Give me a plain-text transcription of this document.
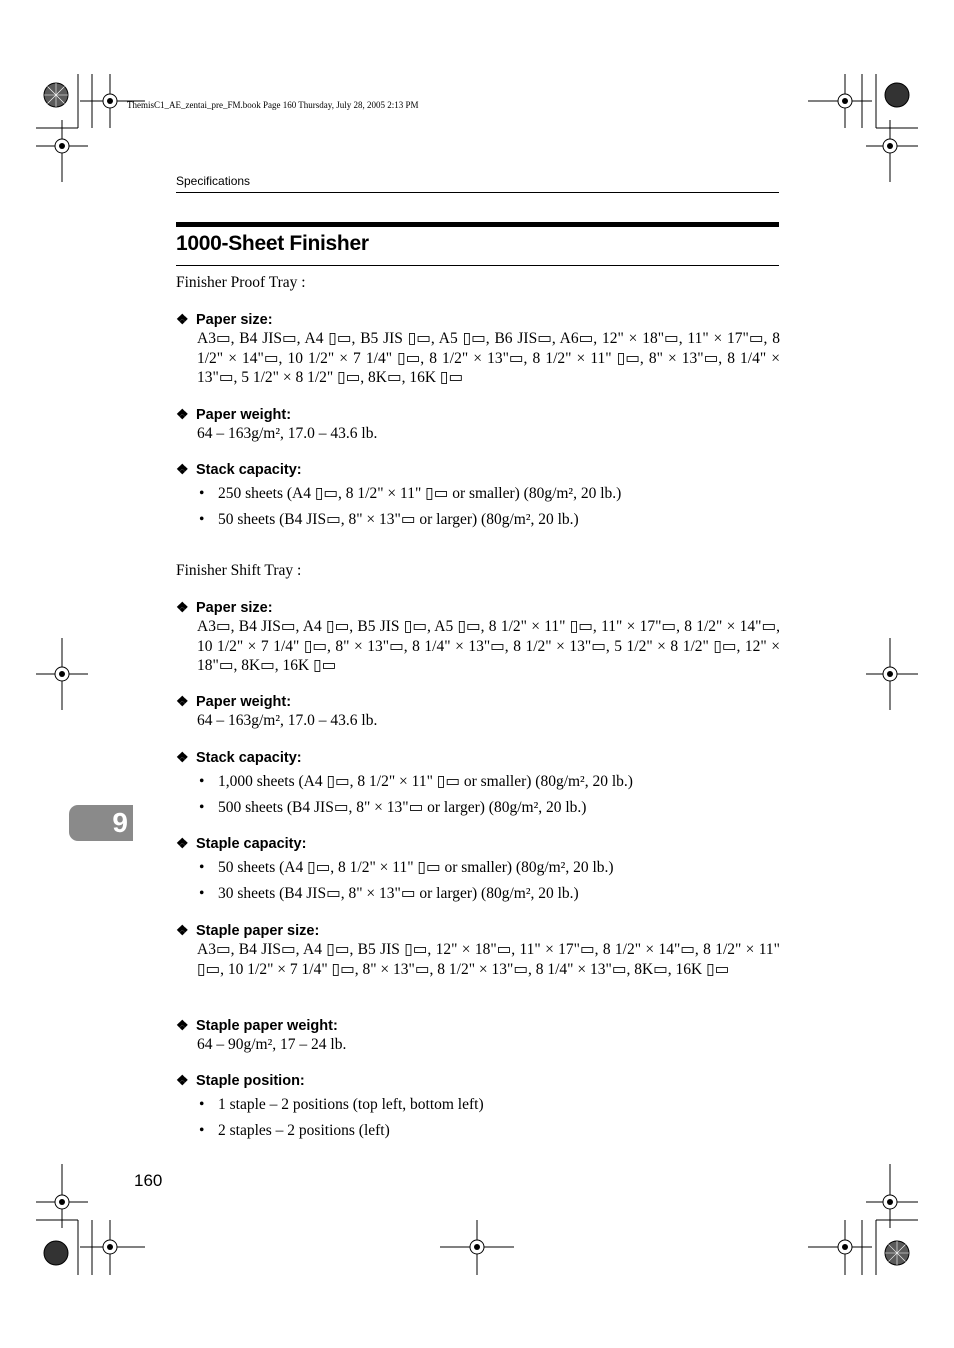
ThemisC1_AE_zentai_pre_FM.book Page 160 Thursday, July 28, 2005 2:13 PM
Specifications
1000-Sheet Finisher
Finisher Proof Tray :
❖ Paper size:
A3▭, B4 JIS▭, A4 ▯▭, B5 JIS ▯▭, A5 ▯▭, B6 JIS▭, A6▭, 12" × 18"▭, 11" × 17"▭, 8 1/2" × 14"▭, 10 1/2" × 7 1/4" ▯▭, 8 1/2" × 13"▭, 8 1/2" × 11" ▯▭, 8" × 13"▭, 8 1/4" × 13"▭, 5 1/2" × 8 1/2" ▯▭, 8K▭, 16K ▯▭
❖ Paper weight:
64 – 163g/m², 17.0 – 43.6 lb.
❖ Stack capacity:
• 250 sheets (A4 ▯▭, 8 1/2" × 11" ▯▭ or smaller) (80g/m², 20 lb.)
• 50 sheets (B4 JIS▭, 8" × 13"▭ or larger) (80g/m², 20 lb.)
Finisher Shift Tray :
❖ Paper size:
A3▭, B4 JIS▭, A4 ▯▭, B5 JIS ▯▭, A5 ▯▭, 8 1/2" × 11" ▯▭, 11" × 17"▭, 8 1/2" × 14"▭, 10 1/2" × 7 1/4" ▯▭, 8" × 13"▭, 8 1/4" × 13"▭, 8 1/2" × 13"▭, 5 1/2" × 8 1/2" ▯▭, 12" × 18"▭, 8K▭, 16K ▯▭
❖ Paper weight:
64 – 163g/m², 17.0 – 43.6 lb.
❖ Stack capacity:
• 1,000 sheets (A4 ▯▭, 8 1/2" × 11" ▯▭ or smaller) (80g/m², 20 lb.)
• 500 sheets (B4 JIS▭, 8" × 13"▭ or larger) (80g/m², 20 lb.)
9
❖ Staple capacity:
• 50 sheets (A4 ▯▭, 8 1/2" × 11" ▯▭ or smaller) (80g/m², 20 lb.)
• 30 sheets (B4 JIS▭, 8" × 13"▭ or larger) (80g/m², 20 lb.)
❖ Staple paper size:
A3▭, B4 JIS▭, A4 ▯▭, B5 JIS ▯▭, 12" × 18"▭, 11" × 17"▭, 8 1/2" × 14"▭, 8 1/2" × 11" ▯▭, 10 1/2" × 7 1/4" ▯▭, 8" × 13"▭, 8 1/2" × 13"▭, 8 1/4" × 13"▭, 8K▭, 16K ▯▭
❖ Staple paper weight:
64 – 90g/m², 17 – 24 lb.
❖ Staple position:
• 1 staple – 2 positions (top left, bottom left)
• 2 staples – 2 positions (left)
160
